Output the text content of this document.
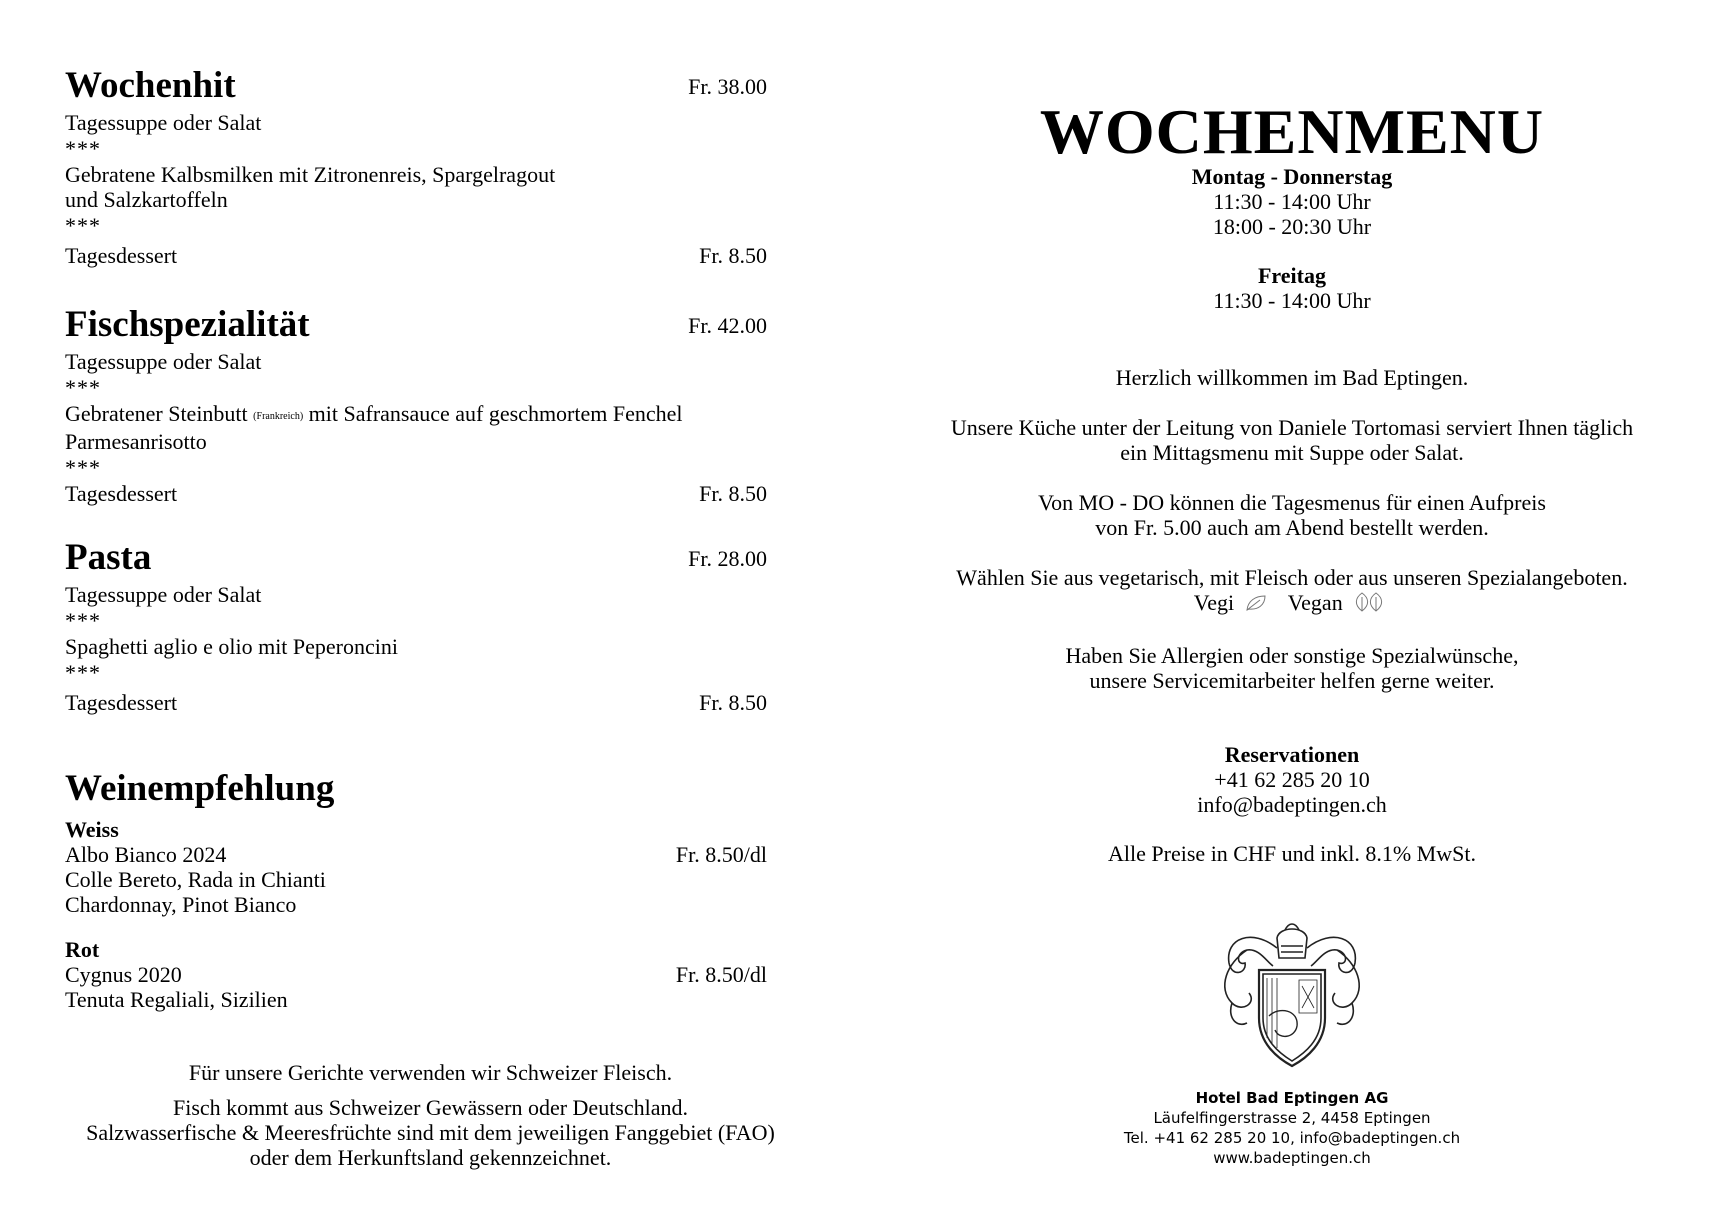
Wochenhit	Fr. 38.00
Tagessuppe oder Salat
***
Gebratene Kalbsmilken mit Zitronenreis, Spargelragout
und Salzkartoffeln
***
Tagesdessert	Fr. 8.50
Fischspezialität	Fr. 42.00
Tagessuppe oder Salat
***
Gebratener Steinbutt (Frankreich) mit Safransauce auf geschmortem Fenchel
Parmesanrisotto
***
Tagesdessert	Fr. 8.50
Pasta	Fr. 28.00
Tagessuppe oder Salat
***
Spaghetti aglio e olio mit Peperoncini
***
Tagesdessert	Fr. 8.50
Weinempfehlung
Weiss
Albo Bianco 2024	Fr. 8.50/dl
Colle Bereto, Rada in Chianti
Chardonnay, Pinot Bianco
Rot
Cygnus 2020	Fr. 8.50/dl
Tenuta Regaliali, Sizilien

Für unsere Gerichte verwenden wir Schweizer Fleisch.

Fisch kommt aus Schweizer Gewässern oder Deutschland.
Salzwasserfische & Meeresfrüchte sind mit dem jeweiligen Fanggebiet (FAO)
oder dem Herkunftsland gekennzeichnet.
WOCHENMENU
Montag - Donnerstag
11:30 - 14:00 Uhr
18:00 - 20:30 Uhr
Freitag
11:30 - 14:00 Uhr

Herzlich willkommen im Bad Eptingen.

Unsere Küche unter der Leitung von Daniele Tortomasi serviert Ihnen täglich
ein Mittagsmenu mit Suppe oder Salat.

Von MO - DO können die Tagesmenus für einen Aufpreis
von Fr. 5.00 auch am Abend bestellt werden.

Wählen Sie aus vegetarisch, mit Fleisch oder aus unseren Spezialangeboten.
Vegi Vegan

Haben Sie Allergien oder sonstige Spezialwünsche,
unsere Servicemitarbeiter helfen gerne weiter.

Reservationen
+41 62 285 20 10
info@badeptingen.ch
Alle Preise in CHF und inkl. 8.1% MwSt.
Hotel Bad Eptingen AG
Läufelfingerstrasse 2, 4458 Eptingen
Tel. +41 62 285 20 10, info@badeptingen.ch
www.badeptingen.ch
